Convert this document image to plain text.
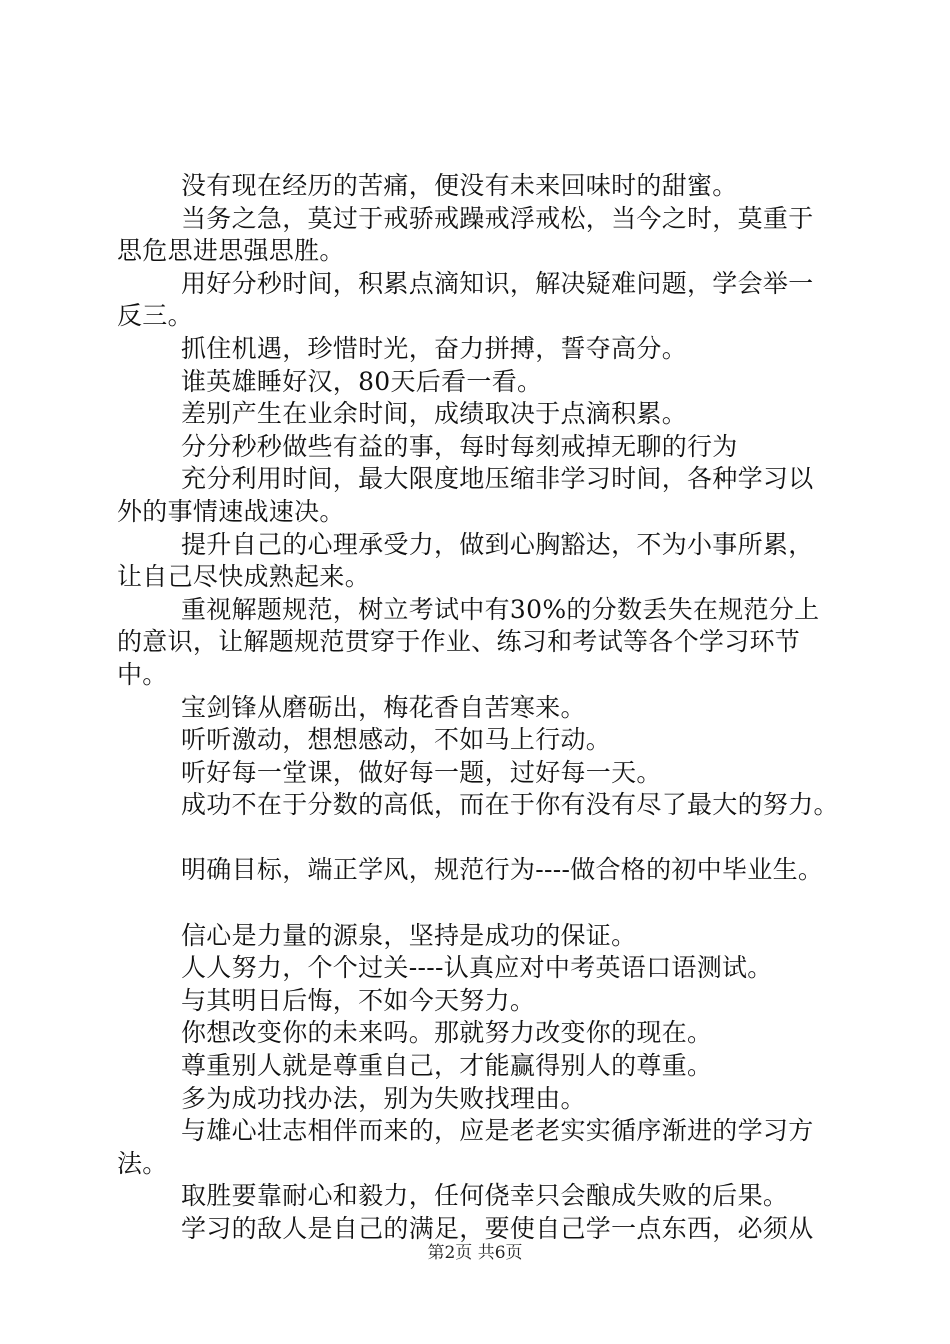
没有现在经历的苦痛，便没有未来回味时的甜蜜。
当务之急，莫过于戒骄戒躁戒浮戒松，当今之时，莫重于
思危思进思强思胜。
用好分秒时间，积累点滴知识，解决疑难问题，学会举一
反三。
抓住机遇，珍惜时光，奋力拼搏，誓夺高分。
谁英雄睡好汉，80天后看一看。
差别产生在业余时间，成绩取决于点滴积累。
分分秒秒做些有益的事，每时每刻戒掉无聊的行为
充分利用时间，最大限度地压缩非学习时间，各种学习以
外的事情速战速决。
提升自己的心理承受力，做到心胸豁达，不为小事所累，
让自己尽快成熟起来。
重视解题规范，树立考试中有30%的分数丢失在规范分上
的意识，让解题规范贯穿于作业、练习和考试等各个学习环节
中。
宝剑锋从磨砺出，梅花香自苦寒来。
听听激动，想想感动，不如马上行动。
听好每一堂课，做好每一题，过好每一天。
成功不在于分数的高低，而在于你有没有尽了最大的努力。
明确目标，端正学风，规范行为----做合格的初中毕业生。
信心是力量的源泉，坚持是成功的保证。
人人努力，个个过关----认真应对中考英语口语测试。
与其明日后悔，不如今天努力。
你想改变你的未来吗。那就努力改变你的现在。
尊重别人就是尊重自己，才能赢得别人的尊重。
多为成功找办法，别为失败找理由。
与雄心壮志相伴而来的，应是老老实实循序渐进的学习方
法。
取胜要靠耐心和毅力，任何侥幸只会酿成失败的后果。
学习的敌人是自己的满足，要使自己学一点东西，必须从
第2页 共6页
